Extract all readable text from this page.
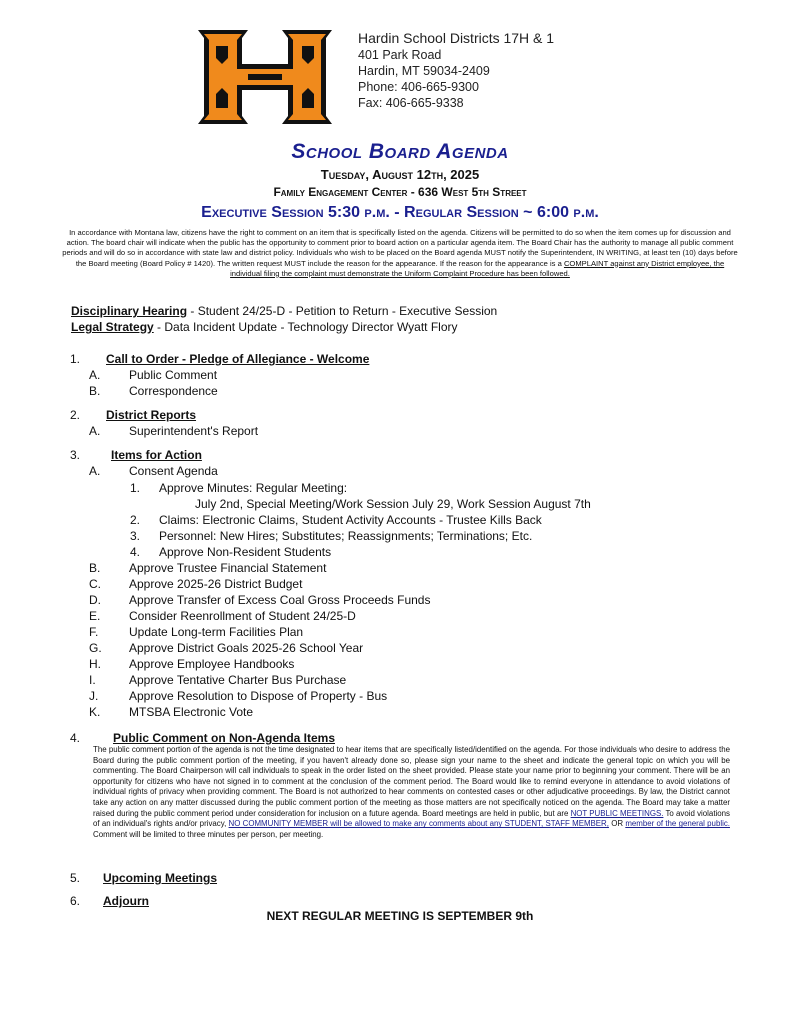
Hardin School Districts 17H & 1
401 Park Road
Hardin, MT 59034-2409
Phone: 406-665-9300
Fax: 406-665-9338
School Board Agenda
Tuesday, August 12th, 2025
Family Engagement Center - 636 West 5th Street
Executive Session 5:30 p.m. - Regular Session ~ 6:00 p.m.
In accordance with Montana law, citizens have the right to comment on an item that is specifically listed on the agenda. Citizens will be permitted to do so when the item comes up for discussion and action. The board chair will indicate when the public has the opportunity to comment prior to board action on a particular agenda item. The Board Chair has the authority to manage all public comment periods and will do so in accordance with state law and district policy. Individuals who wish to be placed on the Board agenda MUST notify the Superintendent, IN WRITING, at least ten (10) days before the Board meeting (Board Policy # 1420). The written request MUST include the reason for the appearance. If the reason for the appearance is a COMPLAINT against any District employee, the individual filing the complaint must demonstrate the Uniform Complaint Procedure has been followed.
Disciplinary Hearing - Student 24/25-D - Petition to Return - Executive Session
Legal Strategy - Data Incident Update - Technology Director Wyatt Flory
1. Call to Order - Pledge of Allegiance - Welcome
A. Public Comment
B. Correspondence
2. District Reports
A. Superintendent's Report
3.	Items for Action
A. Consent Agenda
1. Approve Minutes: Regular Meeting:
July 2nd, Special Meeting/Work Session July 29, Work Session August 7th
2. Claims: Electronic Claims, Student Activity Accounts - Trustee Kills Back
3. Personnel: New Hires; Substitutes; Reassignments; Terminations; Etc.
4. Approve Non-Resident Students
B. Approve Trustee Financial Statement
C. Approve 2025-26 District Budget
D. Approve Transfer of Excess Coal Gross Proceeds Funds
E. Consider Reenrollment of Student 24/25-D
F.	Update Long-term Facilities Plan
G. Approve District Goals 2025-26 School Year
H. Approve Employee Handbooks
I.	Approve Tentative Charter Bus Purchase
J.	Approve Resolution to Dispose of Property - Bus
K. MTSBA Electronic Vote
4.	Public Comment on Non-Agenda Items
The public comment portion of the agenda is not the time designated to hear items that are specifically listed/identified on the agenda. For those individuals who desire to address the Board during the public comment portion of the meeting, if you haven't already done so, please sign your name to the sheet and indicate the general topic on which you will be commenting. The Board Chairperson will call individuals to speak in the order listed on the sheet provided. Please state your name prior to beginning your comment. There will be an opportunity for citizens who have not signed in to comment at the conclusion of the comment period. The Board would like to remind everyone in attendance to avoid violations of individual rights of privacy when providing comment. The Board is not authorized to hear comments on contested cases or other adjudicative proceedings. By law, the District cannot take any action on any matter discussed during the public comment portion of the meeting as those matters are not specifically noticed on the agenda. The Board may take a matter raised during the public comment period under consideration for inclusion on a future agenda. Board meetings are held in public, but are NOT PUBLIC MEETINGS. To avoid violations of an individual's rights and/or privacy, NO COMMUNITY MEMBER will be allowed to make any comments about any STUDENT, STAFF MEMBER, OR member of the general public. Comment will be limited to three minutes per person, per meeting.
5. Upcoming Meetings
6. Adjourn
NEXT REGULAR MEETING IS SEPTEMBER 9th
